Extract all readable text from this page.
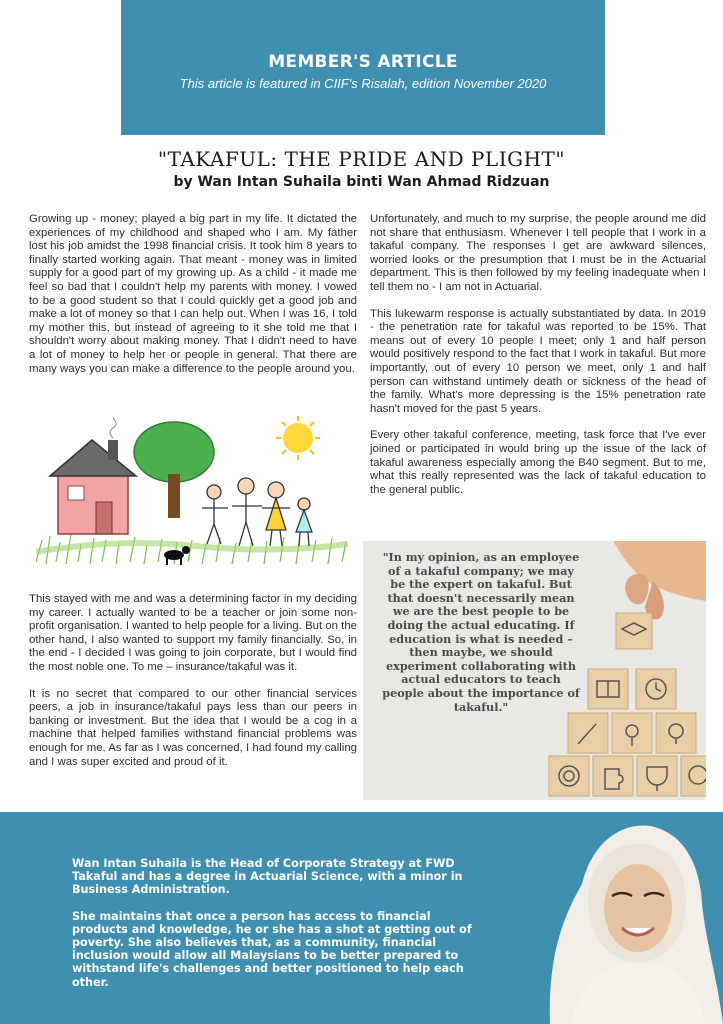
MEMBER'S ARTICLE
This article is featured in CIIF's Risalah, edition November 2020
"TAKAFUL: THE PRIDE AND PLIGHT"
by Wan Intan Suhaila binti Wan Ahmad Ridzuan

Growing up - money; played a big part in my life. It dictated the experiences of my childhood and shaped who I am. My father lost his job amidst the 1998 financial crisis. It took him 8 years to finally started working again. That meant - money was in limited supply for a good part of my growing up. As a child - it made me feel so bad that I couldn't help my parents with money. I vowed to be a good student so that I could quickly get a good job and make a lot of money so that I can help out. When I was 16, I told my mother this, but instead of agreeing to it she told me that I shouldn't worry about making money. That I didn't need to have a lot of money to help her or people in general. That there are many ways you can make a difference to the people around you.

This stayed with me and was a determining factor in my deciding my career. I actually wanted to be a teacher or join some non-profit organisation. I wanted to help people for a living. But on the other hand, I also wanted to support my family financially. So, in the end - I decided I was going to join corporate, but I would find the most noble one. To me – insurance/takaful was it.

It is no secret that compared to our other financial services peers, a job in insurance/takaful pays less than our peers in banking or investment. But the idea that I would be a cog in a machine that helped families withstand financial problems was enough for me. As far as I was concerned, I had found my calling and I was super excited and proud of it.

Unfortunately, and much to my surprise, the people around me did not share that enthusiasm. Whenever I tell people that I work in a takaful company. The responses I get are awkward silences, worried looks or the presumption that I must be in the Actuarial department. This is then followed by my feeling inadequate when I tell them no - I am not in Actuarial.

This lukewarm response is actually substantiated by data. In 2019 - the penetration rate for takaful was reported to be 15%. That means out of every 10 people I meet; only 1 and half person would positively respond to the fact that I work in takaful. But more importantly, out of every 10 person we meet, only 1 and half person can withstand untimely death or sickness of the head of the family. What's more depressing is the 15% penetration rate hasn't moved for the past 5 years.

Every other takaful conference, meeting, task force that I've ever joined or participated in would bring up the issue of the lack of takaful awareness especially among the B40 segment. But to me, what this really represented was the lack of takaful education to the general public.

"In my opinion, as an employee of a takaful company; we may be the expert on takaful. But that doesn't necessarily mean we are the best people to be doing the actual educating. If education is what is needed – then maybe, we should experiment collaborating with actual educators to teach people about the importance of takaful."

Wan Intan Suhaila is the Head of Corporate Strategy at FWD Takaful and has a degree in Actuarial Science, with a minor in Business Administration.

She maintains that once a person has access to financial products and knowledge, he or she has a shot at getting out of poverty. She also believes that, as a community, financial inclusion would allow all Malaysians to be better prepared to withstand life's challenges and better positioned to help each other.
